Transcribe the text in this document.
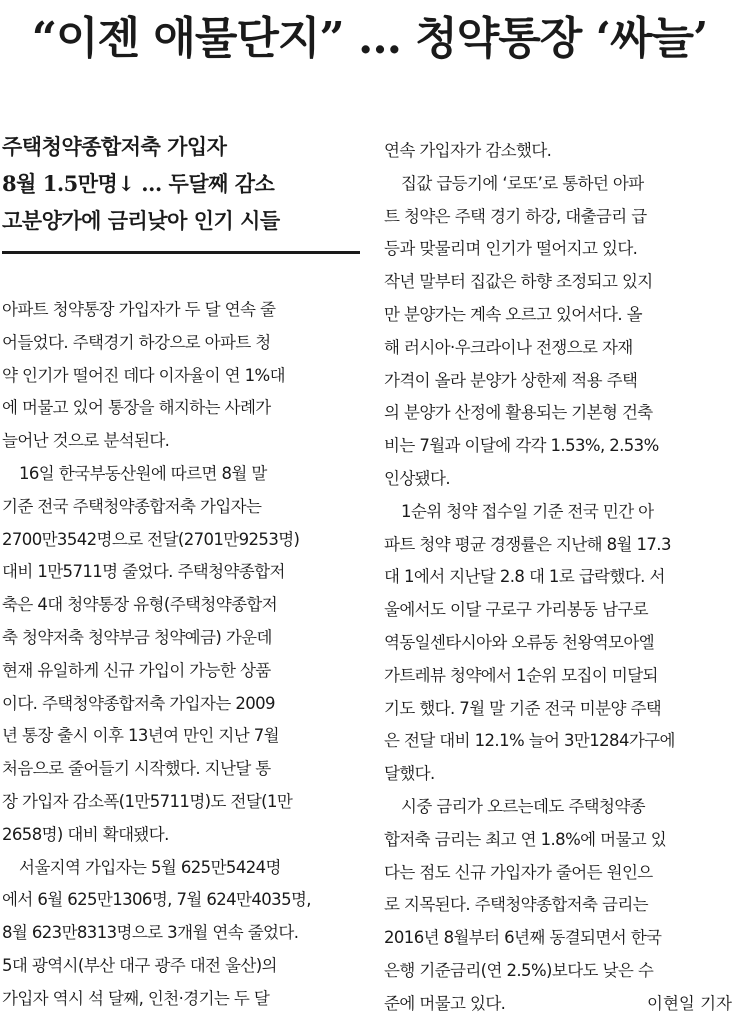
“이젠 애물단지” … 청약통장 ‘싸늘’
주택청약종합저축 가입자
8월 1.5만명↓ … 두달째 감소
고분양가에 금리낮아 인기 시들
아파트 청약통장 가입자가 두 달 연속 줄
어들었다. 주택경기 하강으로 아파트 청
약 인기가 떨어진 데다 이자율이 연 1%대
에 머물고 있어 통장을 해지하는 사례가
늘어난 것으로 분석된다.
16일 한국부동산원에 따르면 8월 말
기준 전국 주택청약종합저축 가입자는
2700만3542명으로 전달(2701만9253명)
대비 1만5711명 줄었다. 주택청약종합저
축은 4대 청약통장 유형(주택청약종합저
축 청약저축 청약부금 청약예금) 가운데
현재 유일하게 신규 가입이 가능한 상품
이다. 주택청약종합저축 가입자는 2009
년 통장 출시 이후 13년여 만인 지난 7월
처음으로 줄어들기 시작했다. 지난달 통
장 가입자 감소폭(1만5711명)도 전달(1만
2658명) 대비 확대됐다.
서울지역 가입자는 5월 625만5424명
에서 6월 625만1306명, 7월 624만4035명,
8월 623만8313명으로 3개월 연속 줄었다.
5대 광역시(부산 대구 광주 대전 울산)의
가입자 역시 석 달째, 인천·경기는 두 달
연속 가입자가 감소했다.
집값 급등기에 ‘로또’로 통하던 아파
트 청약은 주택 경기 하강, 대출금리 급
등과 맞물리며 인기가 떨어지고 있다.
작년 말부터 집값은 하향 조정되고 있지
만 분양가는 계속 오르고 있어서다. 올
해 러시아·우크라이나 전쟁으로 자재
가격이 올라 분양가 상한제 적용 주택
의 분양가 산정에 활용되는 기본형 건축
비는 7월과 이달에 각각 1.53%, 2.53%
인상됐다.
1순위 청약 접수일 기준 전국 민간 아
파트 청약 평균 경쟁률은 지난해 8월 17.3
대 1에서 지난달 2.8 대 1로 급락했다. 서
울에서도 이달 구로구 가리봉동 남구로
역동일센타시아와 오류동 천왕역모아엘
가트레뷰 청약에서 1순위 모집이 미달되
기도 했다. 7월 말 기준 전국 미분양 주택
은 전달 대비 12.1% 늘어 3만1284가구에
달했다.
시중 금리가 오르는데도 주택청약종
합저축 금리는 최고 연 1.8%에 머물고 있
다는 점도 신규 가입자가 줄어든 원인으
로 지목된다. 주택청약종합저축 금리는
2016년 8월부터 6년째 동결되면서 한국
은행 기준금리(연 2.5%)보다도 낮은 수
준에 머물고 있다.	이현일 기자
